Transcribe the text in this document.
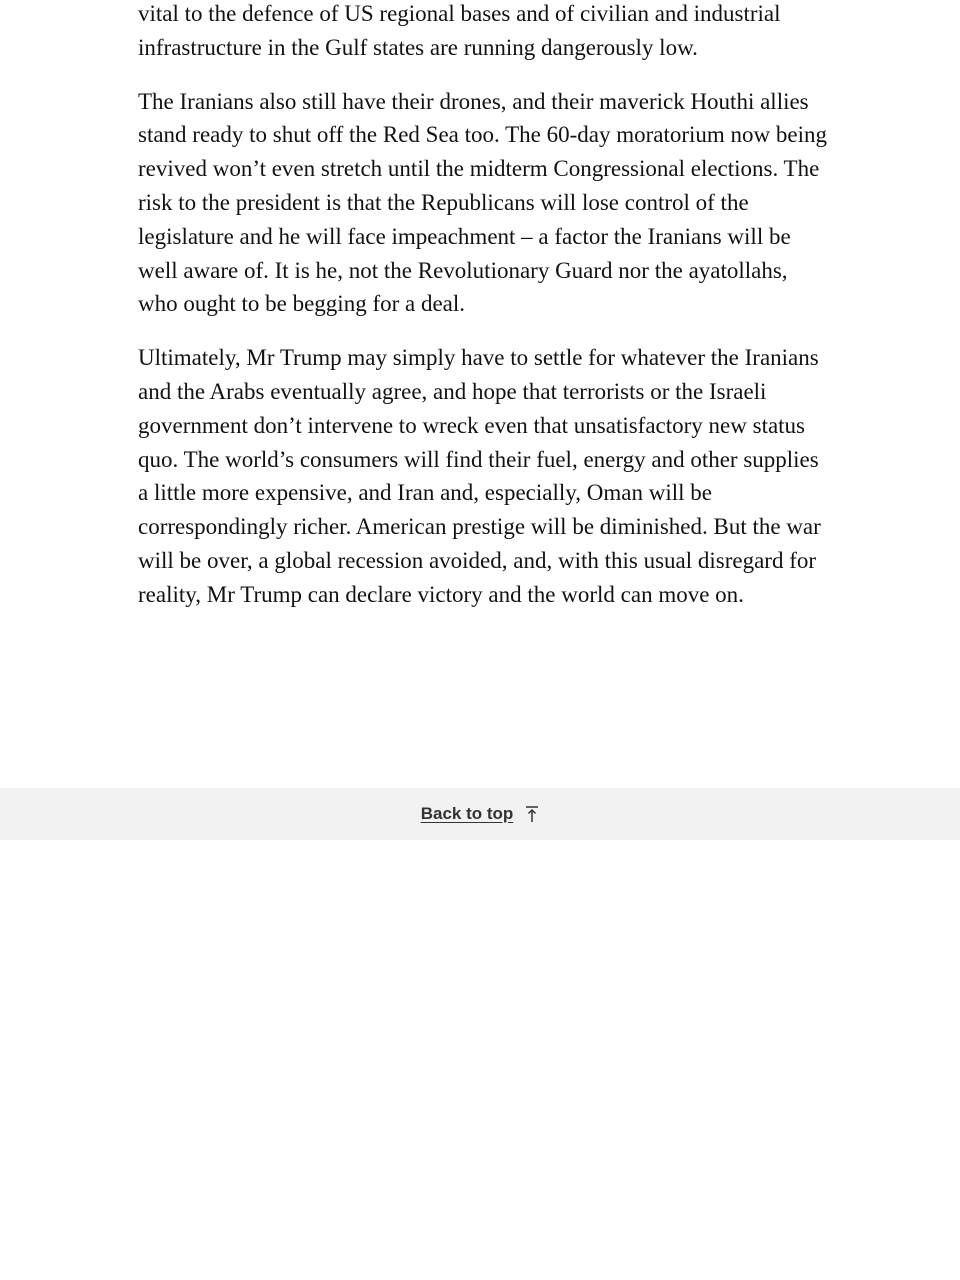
vital to the defence of US regional bases and of civilian and industrial infrastructure in the Gulf states are running dangerously low.

The Iranians also still have their drones, and their maverick Houthi allies stand ready to shut off the Red Sea too. The 60-day moratorium now being revived won’t even stretch until the midterm Congressional elections. The risk to the president is that the Republicans will lose control of the legislature and he will face impeachment – a factor the Iranians will be well aware of. It is he, not the Revolutionary Guard nor the ayatollahs, who ought to be begging for a deal.

Ultimately, Mr Trump may simply have to settle for whatever the Iranians and the Arabs eventually agree, and hope that terrorists or the Israeli government don’t intervene to wreck even that unsatisfactory new status quo. The world’s consumers will find their fuel, energy and other supplies a little more expensive, and Iran and, especially, Oman will be correspondingly richer. American prestige will be diminished. But the war will be over, a global recession avoided, and, with this usual disregard for reality, Mr Trump can declare victory and the world can move on.

Back to top
